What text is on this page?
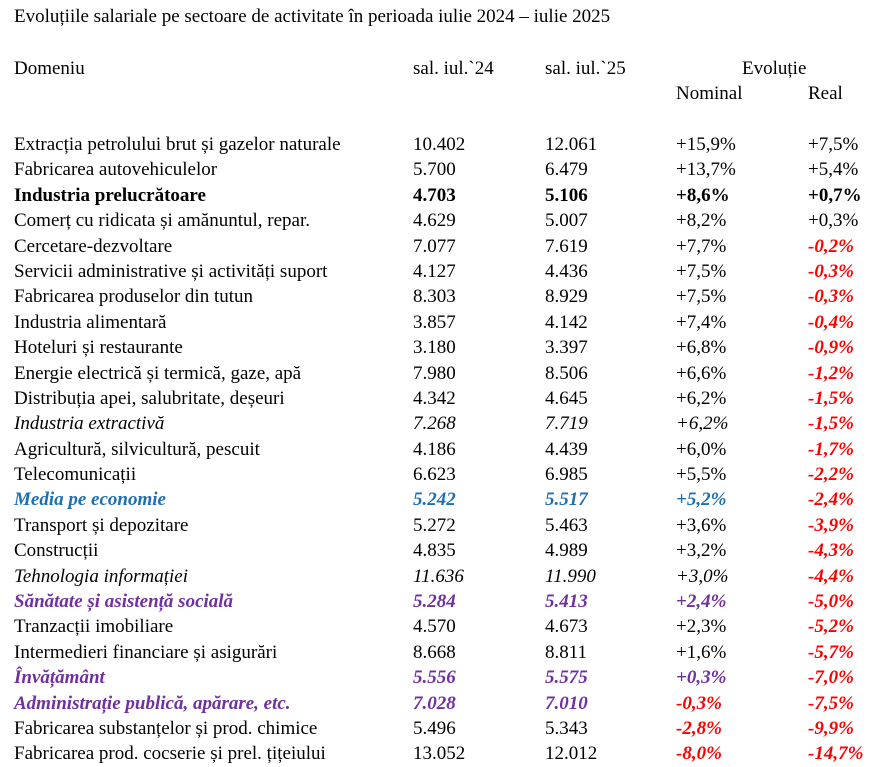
Evoluțiile salariale pe sectoare de activitate în perioada iulie 2024 – iulie 2025
Domeniu	sal. iul.`24	sal. iul.`25	Evoluție
Nominal	Real
Extracția petrolului brut și gazelor naturale	10.402	12.061	+15,9%	+7,5%
Fabricarea autovehiculelor	5.700	6.479	+13,7%	+5,4%
Industria prelucrătoare	4.703	5.106	+8,6%	+0,7%
Comerț cu ridicata și amănuntul, repar.	4.629	5.007	+8,2%	+0,3%
Cercetare-dezvoltare	7.077	7.619	+7,7%	-0,2%
Servicii administrative și activități suport	4.127	4.436	+7,5%	-0,3%
Fabricarea produselor din tutun	8.303	8.929	+7,5%	-0,3%
Industria alimentară	3.857	4.142	+7,4%	-0,4%
Hoteluri și restaurante	3.180	3.397	+6,8%	-0,9%
Energie electrică și termică, gaze, apă	7.980	8.506	+6,6%	-1,2%
Distribuția apei, salubritate, deșeuri	4.342	4.645	+6,2%	-1,5%
Industria extractivă	7.268	7.719	+6,2%	-1,5%
Agricultură, silvicultură, pescuit	4.186	4.439	+6,0%	-1,7%
Telecomunicații	6.623	6.985	+5,5%	-2,2%
Media pe economie	5.242	5.517	+5,2%	-2,4%
Transport și depozitare	5.272	5.463	+3,6%	-3,9%
Construcții	4.835	4.989	+3,2%	-4,3%
Tehnologia informației	11.636	11.990	+3,0%	-4,4%
Sănătate și asistență socială	5.284	5.413	+2,4%	-5,0%
Tranzacții imobiliare	4.570	4.673	+2,3%	-5,2%
Intermedieri financiare și asigurări	8.668	8.811	+1,6%	-5,7%
Învățământ	5.556	5.575	+0,3%	-7,0%
Administrație publică, apărare, etc.	7.028	7.010	-0,3%	-7,5%
Fabricarea substanțelor și prod. chimice	5.496	5.343	-2,8%	-9,9%
Fabricarea prod. cocserie și prel. țițeiului	13.052	12.012	-8,0%	-14,7%
